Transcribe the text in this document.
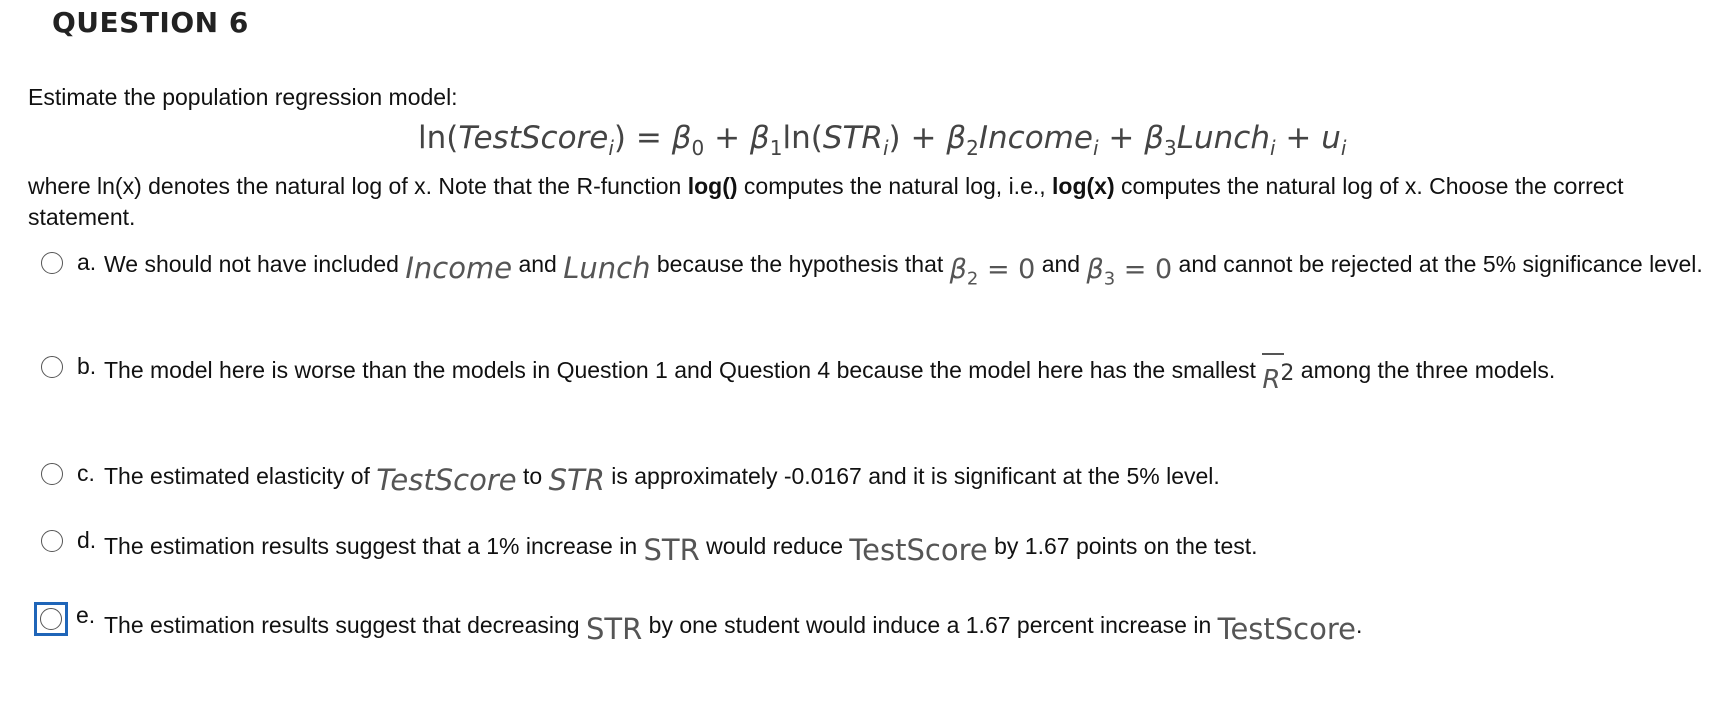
QUESTION 6
Estimate the population regression model:
ln(TestScore$_i$) = $\beta_0 + \beta_1\ln(STR_i)$ + $\beta_2Income_i$ + $\beta_3Lunch_i + u_i$
where ln(x) denotes the natural log of x. Note that the R-function log() computes the natural log, i.e., log(x) computes the natural log of x. Choose the correct statement.
a. We should not have included Income and Lunch because the hypothesis that $\beta_2 = 0$ and $\beta_3 = 0$ and cannot be rejected at the 5% significance level.
b. The model here is worse than the models in Question 1 and Question 4 because the model here has the smallest $R^2$ among the three models.
c. The estimated elasticity of TestScore to STR is approximately -0.0167 and it is significant at the 5% level.
d. The estimation results suggest that a 1% increase in STR would reduce TestScore by 1.67 points on the test.
e. The estimation results suggest that decreasing STR by one student would induce a 1.67 percent increase in TestScore.
